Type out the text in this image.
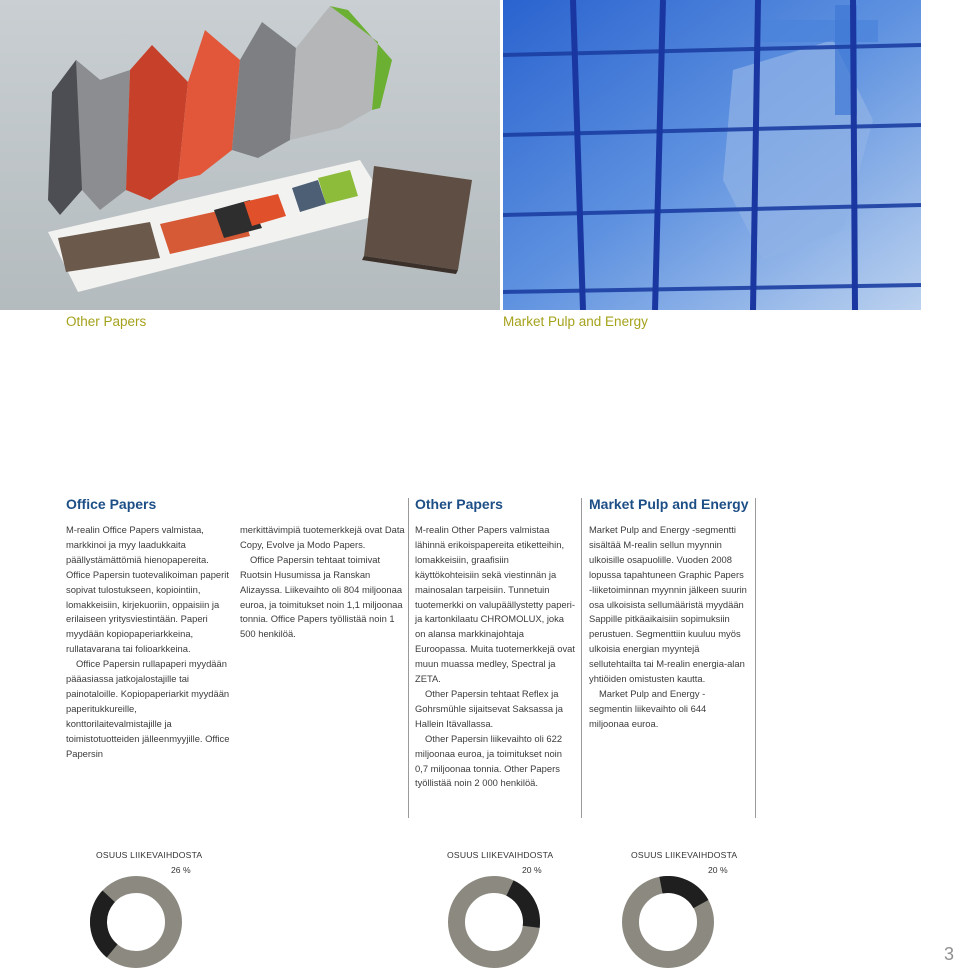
Other Papers	Market Pulp and Energy
Office Papers

M-realin Office Papers valmistaa, markkinoi ja myy laadukkaita päällystämättömiä hienopapereita. Office Papersin tuotevalikoiman paperit sopivat tulostukseen, kopiointiin, lomakkeisiin, kirjekuoriin, oppaisiin ja erilaiseen yritysviestintään. Paperi myydään kopiopaperiarkkeina, rullatavarana tai folioarkkeina.

Office Papersin rullapaperi myydään pääasiassa jatkojalostajille tai painotaloille. Kopiopaperiarkit myydään paperitukkureille, konttorilaitevalmistajille ja toimistotuotteiden jälleenmyyjille. Office Papersin

merkittävimpiä tuotemerkkejä ovat Data Copy, Evolve ja Modo Papers.

Office Papersin tehtaat toimivat Ruotsin Husumissa ja Ranskan Alizayssa. Liikevaihto oli 804 miljoonaa euroa, ja toimitukset noin 1,1 miljoonaa tonnia. Office Papers työllistää noin 1 500 henkilöä.

Other Papers

M-realin Other Papers valmistaa lähinnä erikoispapereita etiketteihin, lomakkeisiin, graafisiin käyttökohteisiin sekä viestinnän ja mainosalan tarpeisiin. Tunnetuin tuotemerkki on valupäällystetty paperi- ja kartonkilaatu CHROMOLUX, joka on alansa markkinajohtaja Euroopassa. Muita tuotemerkkejä ovat muun muassa medley, Spectral ja ZETA.

Other Papersin tehtaat Reflex ja Gohrsmühle sijaitsevat Saksassa ja Hallein Itävallassa.

Other Papersin liikevaihto oli 622 miljoonaa euroa, ja toimitukset noin 0,7 miljoonaa tonnia. Other Papers työllistää noin 2 000 henkilöä.

Market Pulp and Energy

Market Pulp and Energy -segmentti sisältää M-realin sellun myynnin ulkoisille osapuolille. Vuoden 2008 lopussa tapahtuneen Graphic Papers -liiketoiminnan myynnin jälkeen suurin osa ulkoisista sellumääristä myydään Sappille pitkäaikaisiin sopimuksiin perustuen. Segmenttiin kuuluu myös ulkoisia energian myyntejä sellutehtailta tai M-realin energia-alan yhtiöiden omistusten kautta.

Market Pulp and Energy -segmentin liikevaihto oli 644 miljoonaa euroa.

OSUUS LIIKEVAIHDOSTA
26 %
OSUUS LIIKEVAIHDOSTA
20 %
OSUUS LIIKEVAIHDOSTA
20 %
3
